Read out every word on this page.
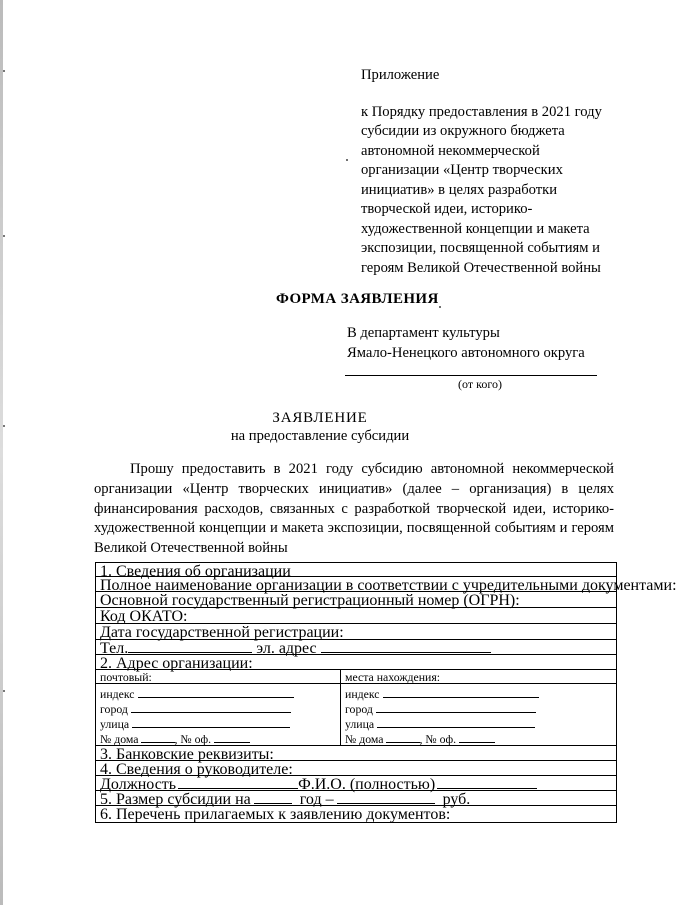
Приложение
к Порядку предоставления в 2021 году
субсидии из окружного бюджета
автономной некоммерческой
организации «Центр творческих
инициатив» в целях разработки
творческой идеи, историко-
художественной концепции и макета
экспозиции, посвященной событиям и
героям Великой Отечественной войны
ФОРМА ЗАЯВЛЕНИЯ
В департамент культуры
Ямало-Ненецкого автономного округа
(от кого)
ЗАЯВЛЕНИЕ
на предоставление субсидии
Прошу предоставить в 2021 году субсидию автономной некоммерческой организации «Центр творческих инициатив» (далее – организация) в целях финансирования расходов, связанных с разработкой творческой идеи, историко-художественной концепции и макета экспозиции, посвященной событиям и героям Великой Отечественной войны
1. Сведения об организации
Полное наименование организации в соответствии с учредительными документами:
Основной государственный регистрационный номер (ОГРН):
Код ОКАТО:
Дата государственной регистрации:
Тел.	эл. адрес
2. Адрес организации:
почтовый:	места нахождения:
индекс
город
улица
№ дома	, № оф.
индекс
город
улица
№ дома	, № оф.
3. Банковские реквизиты:
4. Сведения о руководителе:
Должность	Ф.И.О. (полностью)
5. Размер субсидии на	год –	руб.
6. Перечень прилагаемых к заявлению документов:
